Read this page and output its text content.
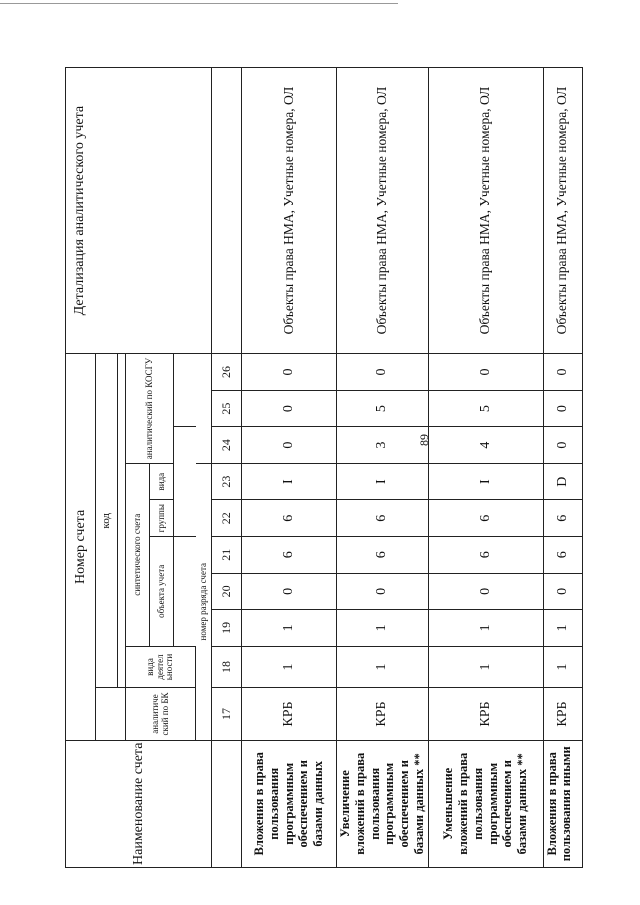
89
Наименование счета	Номер счета										Детализация аналитического учета
		код									

	аналитиче ский по БК	вида деятел ьности	синтетического счета					аналитический по КОСГУ			
			объекта учета			группы	вида				

	номер разряда счета										
	17	18	19	20	21	22	23	24	25	26	
Вложения в права пользования программным обеспечением и базами данных	КРБ	1	1	0	6	6	I	0	0	0	Объекты права НМА, Учетные номера, ОЛ
Увеличение вложений в права пользования программным обеспечением и базами данных **	КРБ	1	1	0	6	6	I	3	5	0	Объекты права НМА, Учетные номера, ОЛ
Уменьшение вложений в права пользования программным обеспечением и базами данных **	КРБ	1	1	0	6	6	I	4	5	0	Объекты права НМА, Учетные номера, ОЛ
Вложения в права пользования иными	КРБ	1	1	0	6	6	D	0	0	0	Объекты права НМА, Учетные номера, ОЛ
